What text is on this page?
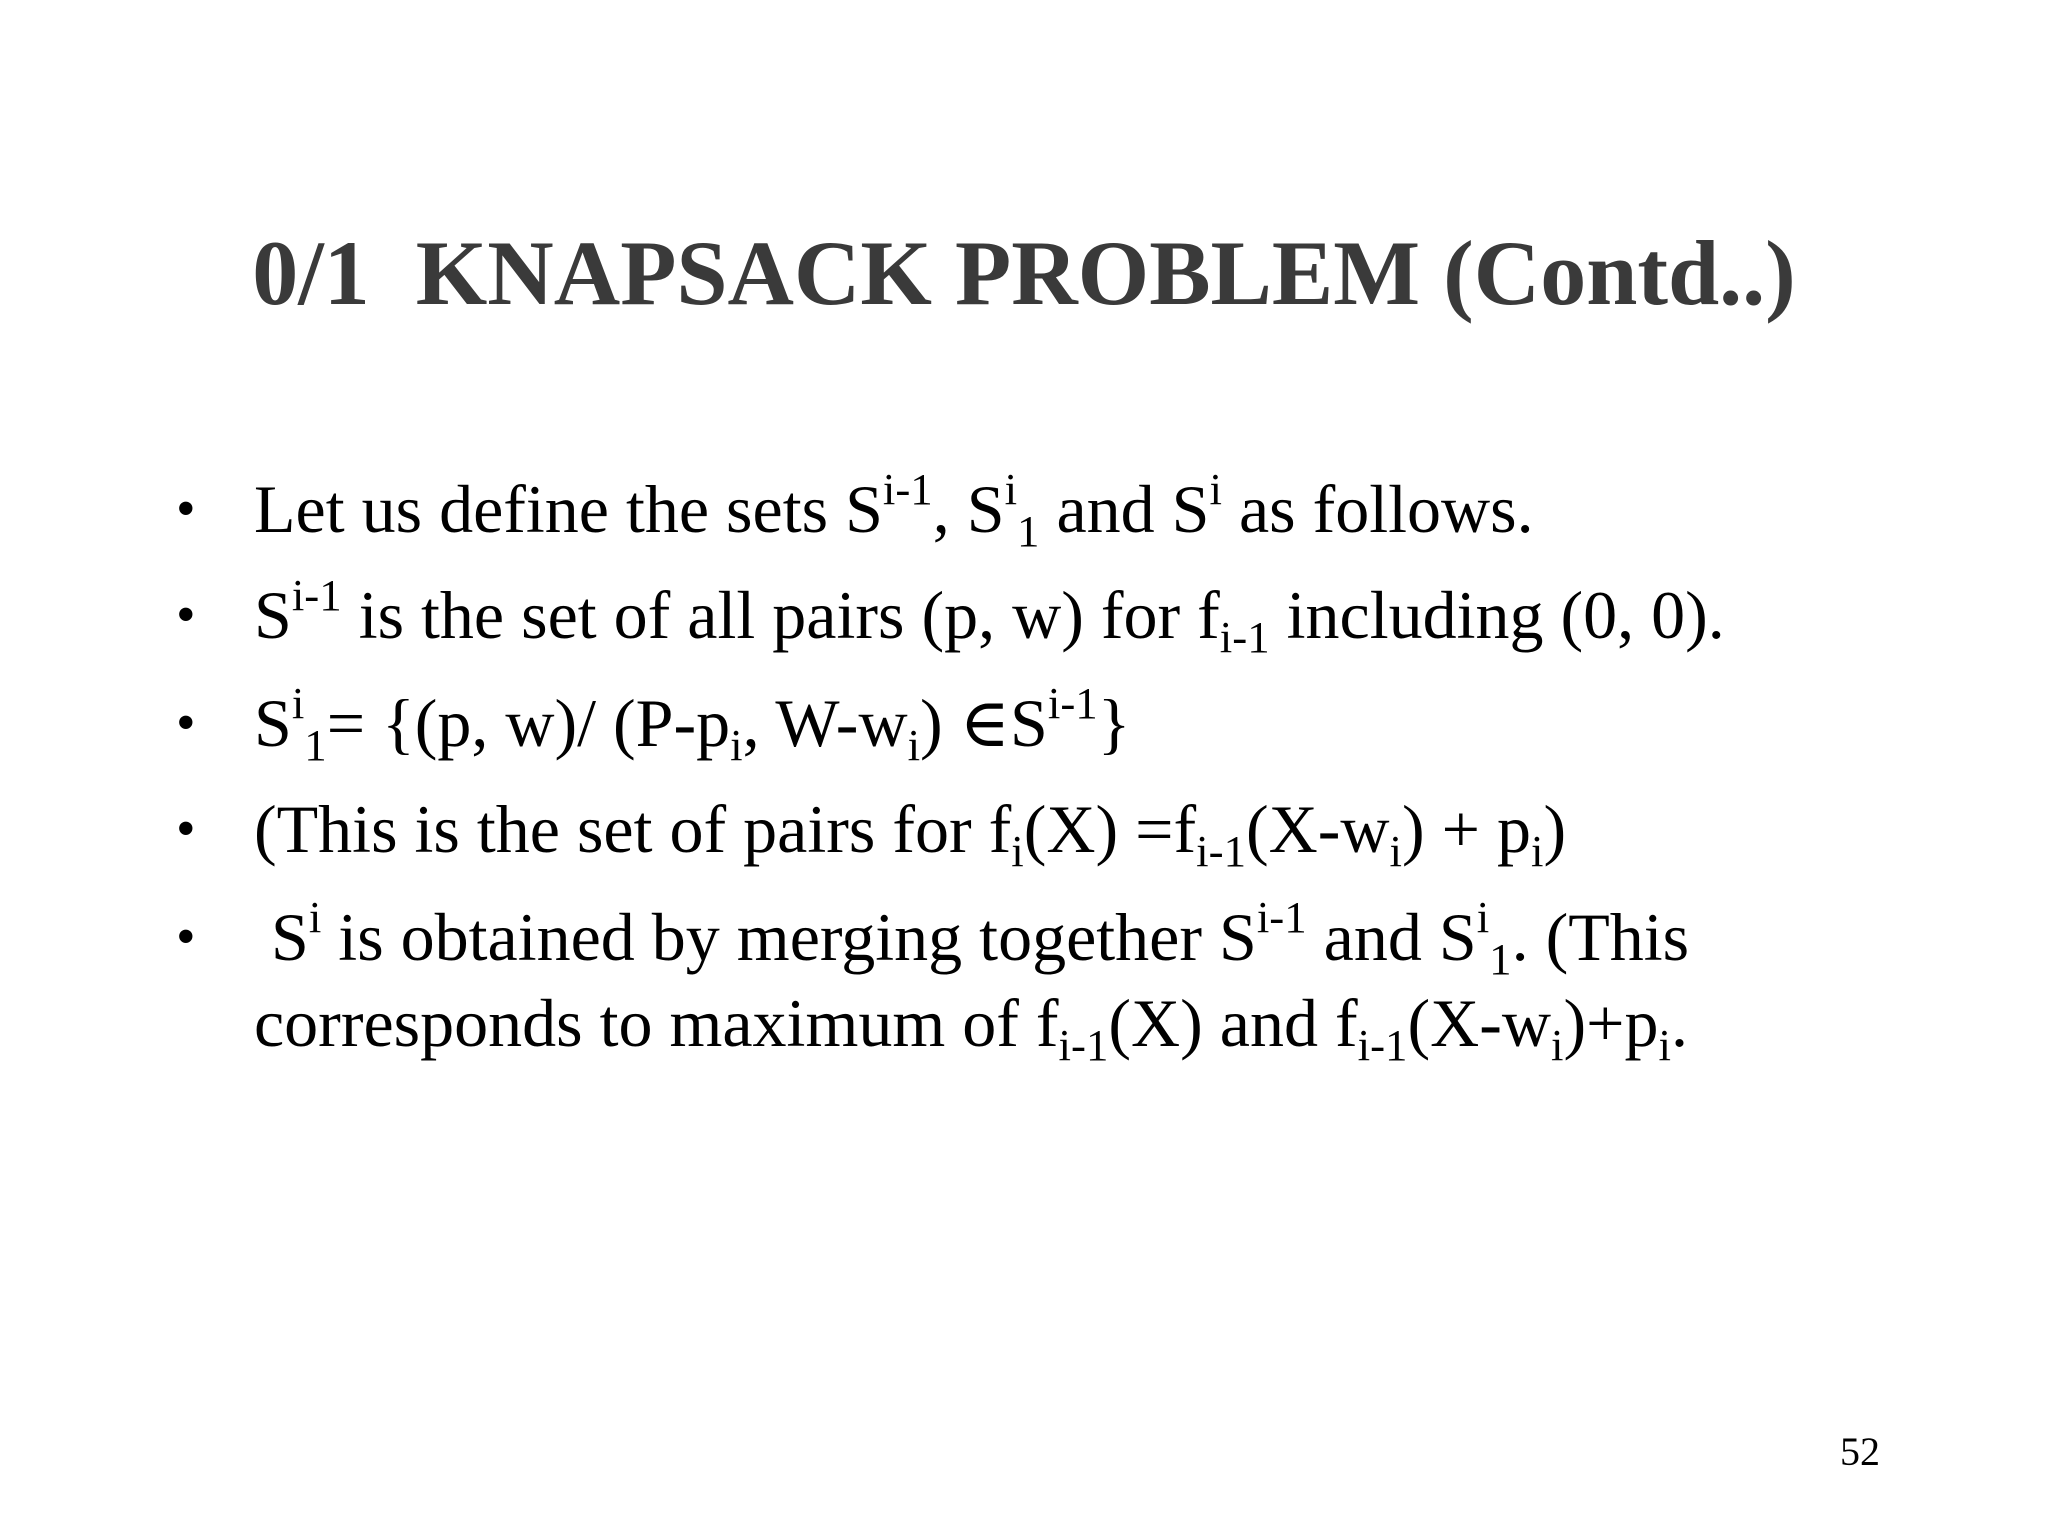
0/1  KNAPSACK PROBLEM (Contd..)
• Let us define the sets $S^{i-1}$, $S^i_1$ and $S^i$ as follows.
• $S^{i-1}$ is the set of all pairs (p, w) for $f_{i-1}$ including (0, 0).
• $S^i_1= \{(p$, w)/ ($P-p_i$, $W-w_i$) $\in S^{i-1}$}
• (This is the set of pairs for $f_i(X) =f_{i-1}(X-w_i) + p_i$)
• $S^i$ is obtained by merging together $S^{i-1}$ and $S^i_1$. (This
corresponds to maximum of $f_{i-1}(X)$ and $f_{i-1}(X-w_i)+p_i$.
52
